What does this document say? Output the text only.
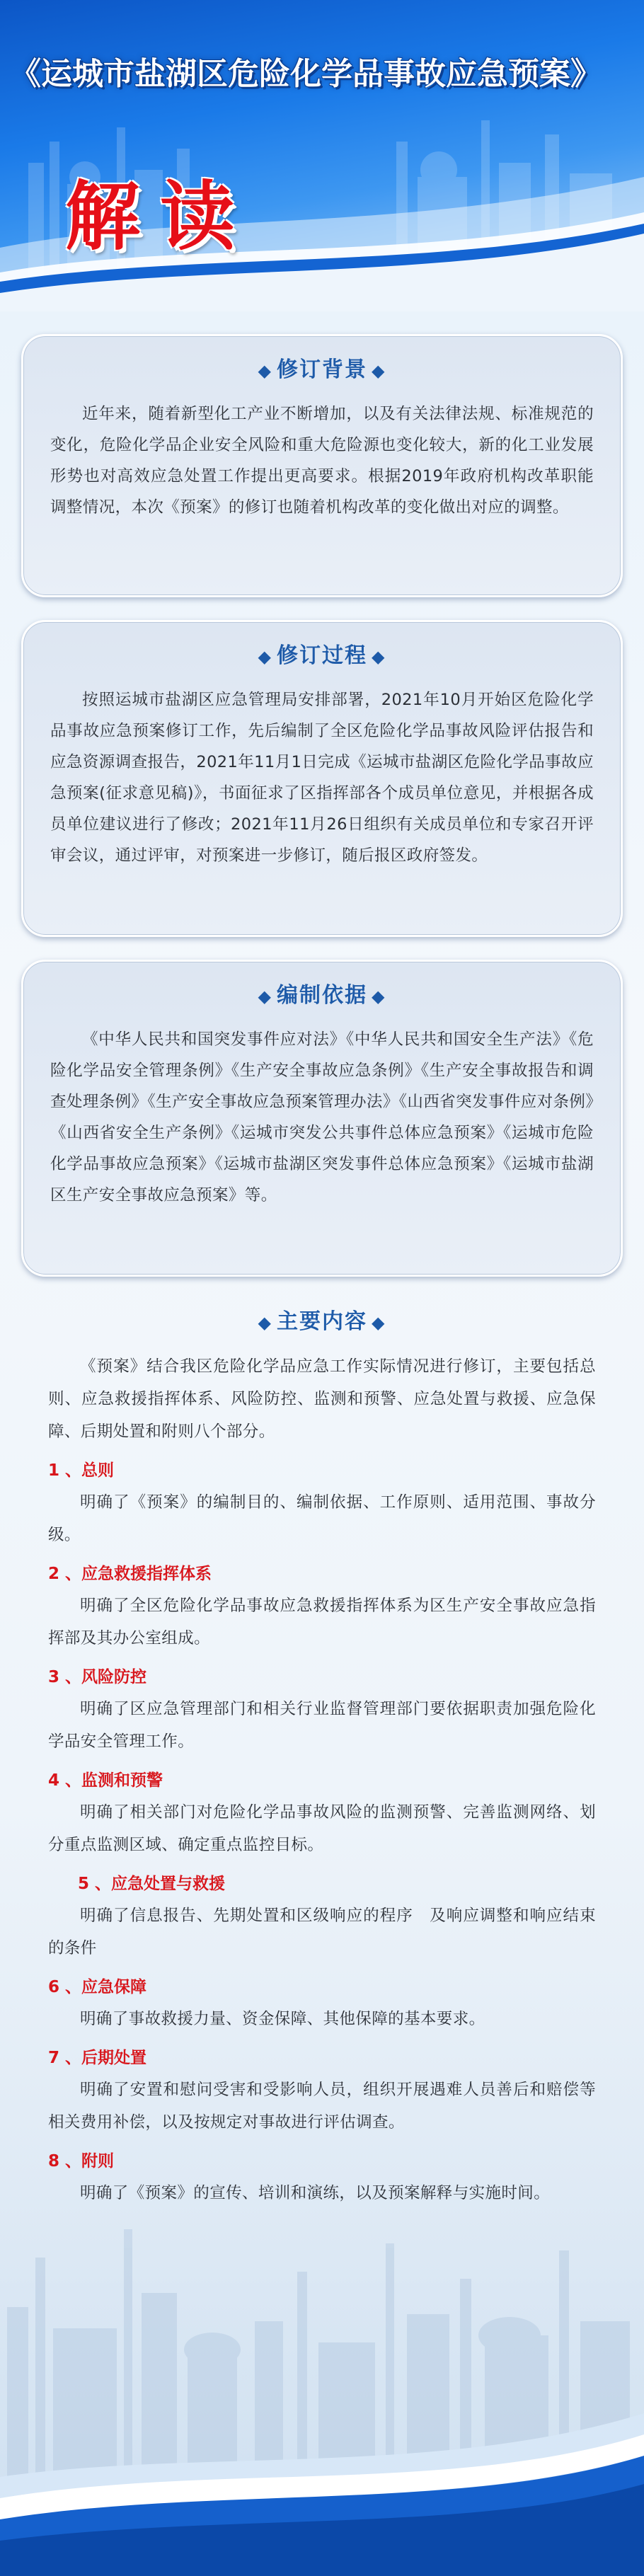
《运城市盐湖区危险化学品事故应急预案》
解读
◆ 修订背景 ◆

近年来，随着新型化工产业不断增加，以及有关法律法规、标准规范的变化，危险化学品企业安全风险和重大危险源也变化较大，新的化工业发展形势也对高效应急处置工作提出更高要求。根据2019年政府机构改革职能调整情况，本次《预案》的修订也随着机构改革的变化做出对应的调整。

◆ 修订过程 ◆

按照运城市盐湖区应急管理局安排部署，2021年10月开始区危险化学品事故应急预案修订工作，先后编制了全区危险化学品事故风险评估报告和应急资源调查报告，2021年11月1日完成《运城市盐湖区危险化学品事故应急预案(征求意见稿)》，书面征求了区指挥部各个成员单位意见，并根据各成员单位建议进行了修改；2021年11月26日组织有关成员单位和专家召开评审会议，通过评审，对预案进一步修订，随后报区政府签发。

◆ 编制依据 ◆

《中华人民共和国突发事件应对法》《中华人民共和国安全生产法》《危险化学品安全管理条例》《生产安全事故应急条例》《生产安全事故报告和调查处理条例》《生产安全事故应急预案管理办法》《山西省突发事件应对条例》《山西省安全生产条例》《运城市突发公共事件总体应急预案》《运城市危险化学品事故应急预案》《运城市盐湖区突发事件总体应急预案》《运城市盐湖区生产安全事故应急预案》等。

◆ 主要内容 ◆

《预案》结合我区危险化学品应急工作实际情况进行修订，主要包括总则、应急救援指挥体系、风险防控、监测和预警、应急处置与救援、应急保障、后期处置和附则八个部分。

1 、总则

明确了《预案》的编制目的、编制依据、工作原则、适用范围、事故分级。

2 、应急救援指挥体系

明确了全区危险化学品事故应急救援指挥体系为区生产安全事故应急指挥部及其办公室组成。

3 、风险防控

明确了区应急管理部门和相关行业监督管理部门要依据职责加强危险化学品安全管理工作。

4 、监测和预警

明确了相关部门对危险化学品事故风险的监测预警、完善监测网络、划分重点监测区域、确定重点监控目标。

5 、应急处置与救援

明确了信息报告、先期处置和区级响应的程序　及响应调整和响应结束的条件

6 、应急保障

明确了事故救援力量、资金保障、其他保障的基本要求。

7 、后期处置

明确了安置和慰问受害和受影响人员，组织开展遇难人员善后和赔偿等相关费用补偿，以及按规定对事故进行评估调查。

8 、附则

明确了《预案》的宣传、培训和演练，以及预案解释与实施时间。
